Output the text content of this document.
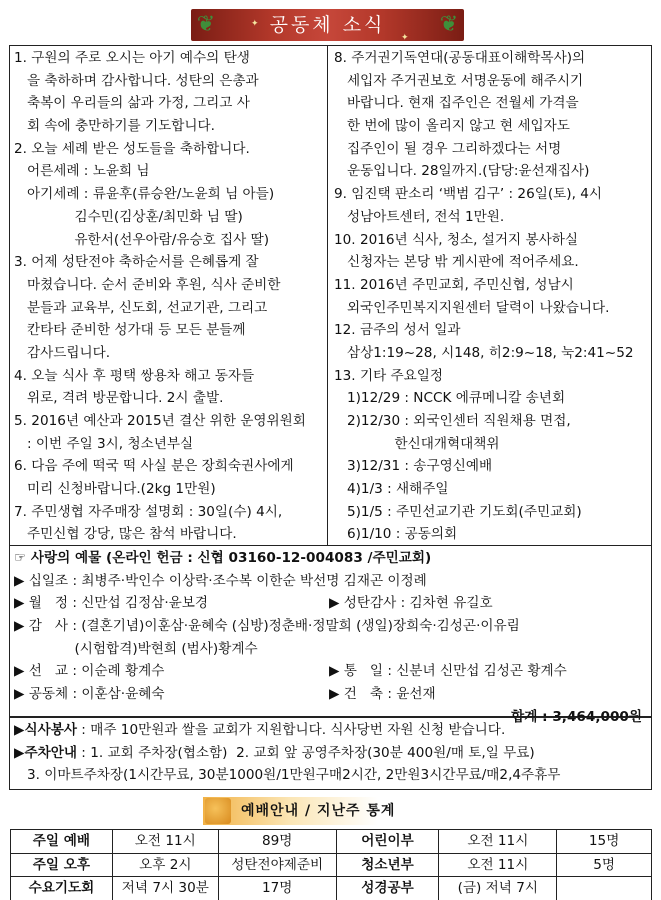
❦	✦
✦
공동체 소식 ❦
1. 구원의 주로 오시는 아기 예수의 탄생
을 축하하며 감사합니다. 성탄의 은총과
축복이 우리들의 삶과 가정, 그리고 사
회 속에 충만하기를 기도합니다.
2. 오늘 세례 받은 성도들을 축하합니다.
어른세례 : 노윤희 님
아기세례 : 류윤후(류승완/노윤희 님 아들)
김수민(김상훈/최민화 님 딸)
유한서(선우아람/유승호 집사 딸)
3. 어제 성탄전야 축하순서를 은혜롭게 잘
마쳤습니다. 순서 준비와 후원, 식사 준비한
분들과 교육부, 신도회, 선교기관, 그리고
칸타타 준비한 성가대 등 모든 분들께
감사드립니다.
4. 오늘 식사 후 평택 쌍용차 해고 동자들
위로, 격려 방문합니다. 2시 출발.
5. 2016년 예산과 2015년 결산 위한 운영위원회
: 이번 주일 3시, 청소년부실
6. 다음 주에 떡국 떡 사실 분은 장희숙권사에게
미리 신청바랍니다.(2kg 1만원)
7. 주민생협 자주매장 설명회 : 30일(수) 4시,
주민신협 강당, 많은 참석 바랍니다.
8. 주거권기독연대(공동대표이해학목사)의
세입자 주거권보호 서명운동에 해주시기
바랍니다. 현재 집주인은 전월세 가격을
한 번에 많이 올리지 않고 현 세입자도
집주인이 될 경우 그리하겠다는 서명
운동입니다. 28일까지.(담당:윤선재집사)
9. 임진택 판소리 ‘백범 김구’ : 26일(토), 4시
성남아트센터, 전석 1만원.
10. 2016년 식사, 청소, 설거지 봉사하실
신청자는 본당 밖 게시판에 적어주세요.
11. 2016년 주민교회, 주민신협, 성남시
외국인주민복지지원센터 달력이 나왔습니다.
12. 금주의 성서 일과
삼상1:19~28, 시148, 히2:9~18, 눅2:41~52
13. 기타 주요일정
1)12/29 : NCCK 에큐메니칼 송년회
2)12/30 : 외국인센터 직원채용 면접,
한신대개혁대책위
3)12/31 : 송구영신예배
4)1/3 : 새해주일
5)1/5 : 주민선교기관 기도회(주민교회)
6)1/10 : 공동의회
☞ 사랑의 예물 (온라인 헌금 : 신협 03160-12-004083 /주민교회)
▶ 십일조 : 최병주·박인수 이상락·조수복 이한순 박선명 김재곤 이정례
▶ 월   정 : 신만섭 김정삼·윤보경	▶ 성탄감사 : 김차현 유길호
▶ 감   사 : (결혼기념)이훈삼·윤혜숙 (심방)정춘배·정말희 (생일)장희숙·김성곤·이유림
(시험합격)박현희 (범사)황계수
▶ 선   교 : 이순례 황계수	▶ 통   일 : 신분녀 신만섭 김성곤 황계수
▶ 공동체 : 이훈삼·윤혜숙	▶ 건   축 : 윤선재
합계 : 3,464,000원
▶식사봉사 : 매주 10만원과 쌀을 교회가 지원합니다. 식사당번 자원 신청 받습니다.
▶주차안내 : 1. 교회 주차장(협소함)  2. 교회 앞 공영주차장(30분 400원/매 토,일 무료)
3. 이마트주차장(1시간무료, 30분1000원/1만원구매2시간, 2만원3시간무료/매2,4주휴무
예배안내 / 지난주 통계
주일 예배	오전 11시	89명	어린이부	오전 11시	15명
주일 오후	오후 2시	성탄전야제준비	청소년부	오전 11시	5명
수요기도회	저녁 7시 30분	17명	성경공부	(금) 저녁 7시	
